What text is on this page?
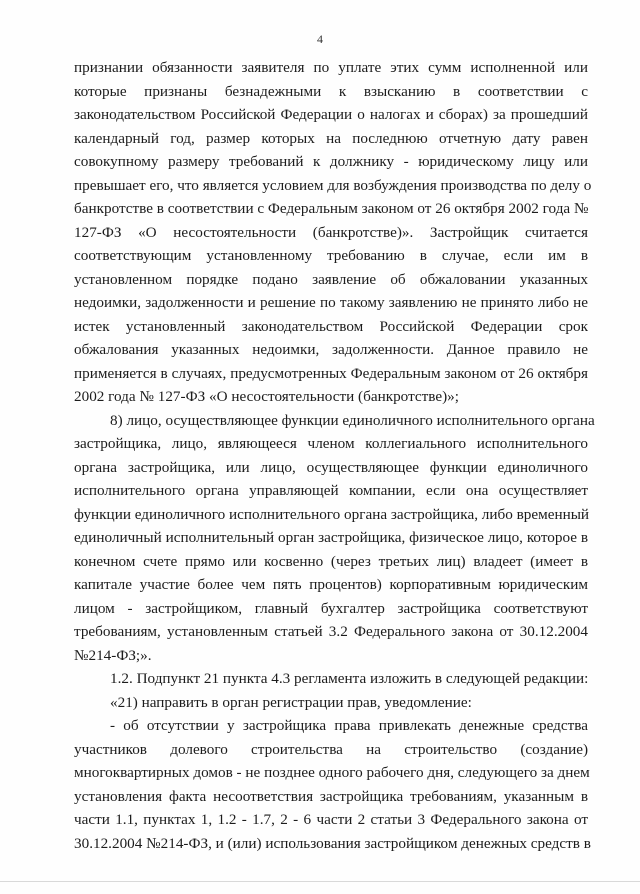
4
признании обязанности заявителя по уплате этих сумм исполненной или
которые признаны безнадежными к взысканию в соответствии с
законодательством Российской Федерации о налогах и сборах) за прошедший
календарный год, размер которых на последнюю отчетную дату равен
совокупному размеру требований к должнику - юридическому лицу или
превышает его, что является условием для возбуждения производства по делу о
банкротстве в соответствии с Федеральным законом от 26 октября 2002 года №
127-ФЗ «О несостоятельности (банкротстве)». Застройщик считается
соответствующим установленному требованию в случае, если им в
установленном порядке подано заявление об обжаловании указанных
недоимки, задолженности и решение по такому заявлению не принято либо не
истек установленный законодательством Российской Федерации срок
обжалования указанных недоимки, задолженности. Данное правило не
применяется в случаях, предусмотренных Федеральным законом от 26 октября
2002 года № 127-ФЗ «О несостоятельности (банкротстве)»;
8) лицо, осуществляющее функции единоличного исполнительного органа
застройщика, лицо, являющееся членом коллегиального исполнительного
органа застройщика, или лицо, осуществляющее функции единоличного
исполнительного органа управляющей компании, если она осуществляет
функции единоличного исполнительного органа застройщика, либо временный
единоличный исполнительный орган застройщика, физическое лицо, которое в
конечном счете прямо или косвенно (через третьих лиц) владеет (имеет в
капитале участие более чем пять процентов) корпоративным юридическим
лицом - застройщиком, главный бухгалтер застройщика соответствуют
требованиям, установленным статьей 3.2 Федерального закона от 30.12.2004
№214-ФЗ;».
1.2. Подпункт 21 пункта 4.3 регламента изложить в следующей редакции:
«21) направить в орган регистрации прав, уведомление:
- об отсутствии у застройщика права привлекать денежные средства
участников долевого строительства на строительство (создание)
многоквартирных домов - не позднее одного рабочего дня, следующего за днем
установления факта несоответствия застройщика требованиям, указанным в
части 1.1, пунктах 1, 1.2 - 1.7, 2 - 6 части 2 статьи 3 Федерального закона от
30.12.2004 №214-ФЗ, и (или) использования застройщиком денежных средств в
